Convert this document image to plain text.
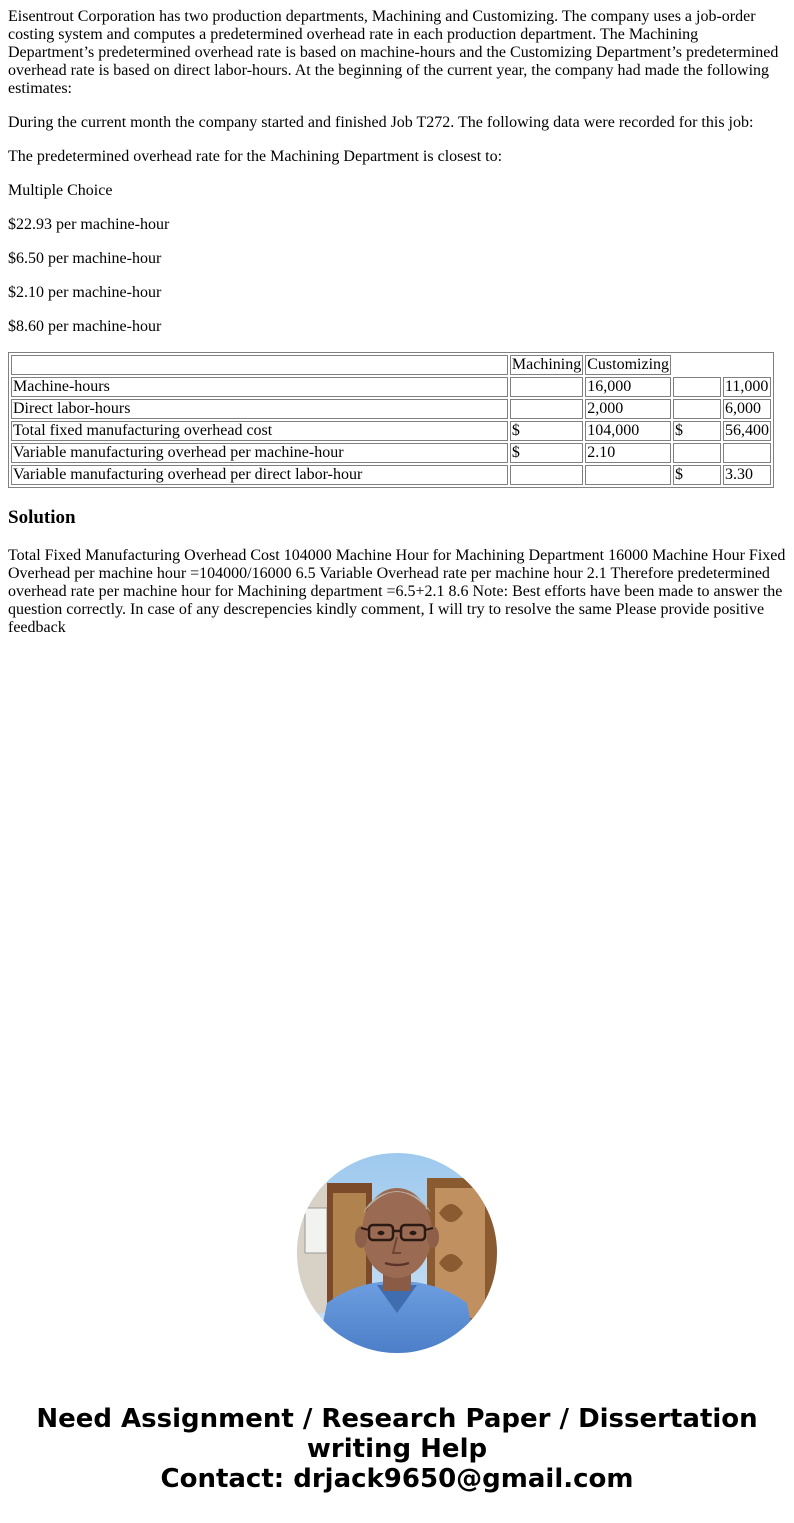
Eisentrout Corporation has two production departments, Machining and Customizing. The company uses a job-order costing system and computes a predetermined overhead rate in each production department. The Machining Department’s predetermined overhead rate is based on machine-hours and the Customizing Department’s predetermined overhead rate is based on direct labor-hours. At the beginning of the current year, the company had made the following estimates:

During the current month the company started and finished Job T272. The following data were recorded for this job:

The predetermined overhead rate for the Machining Department is closest to:

Multiple Choice

$22.93 per machine-hour

$6.50 per machine-hour

$2.10 per machine-hour

$8.60 per machine-hour

	Machining	Customizing		
Machine-hours		16,000		11,000
Direct labor-hours		2,000		6,000
Total fixed manufacturing overhead cost	$	104,000	$	56,400
Variable manufacturing overhead per machine-hour	$	2.10		
Variable manufacturing overhead per direct labor-hour			$	3.30
Solution

Total Fixed Manufacturing Overhead Cost 104000 Machine Hour for Machining Department 16000 Machine Hour Fixed Overhead per machine hour =104000/16000 6.5 Variable Overhead rate per machine hour 2.1 Therefore predetermined overhead rate per machine hour for Machining department =6.5+2.1 8.6 Note: Best efforts have been made to answer the question correctly. In case of any descrepencies kindly comment, I will try to resolve the same Please provide positive feedback

Need Assignment / Research Paper / Dissertation
writing Help
Contact: drjack9650@gmail.com
